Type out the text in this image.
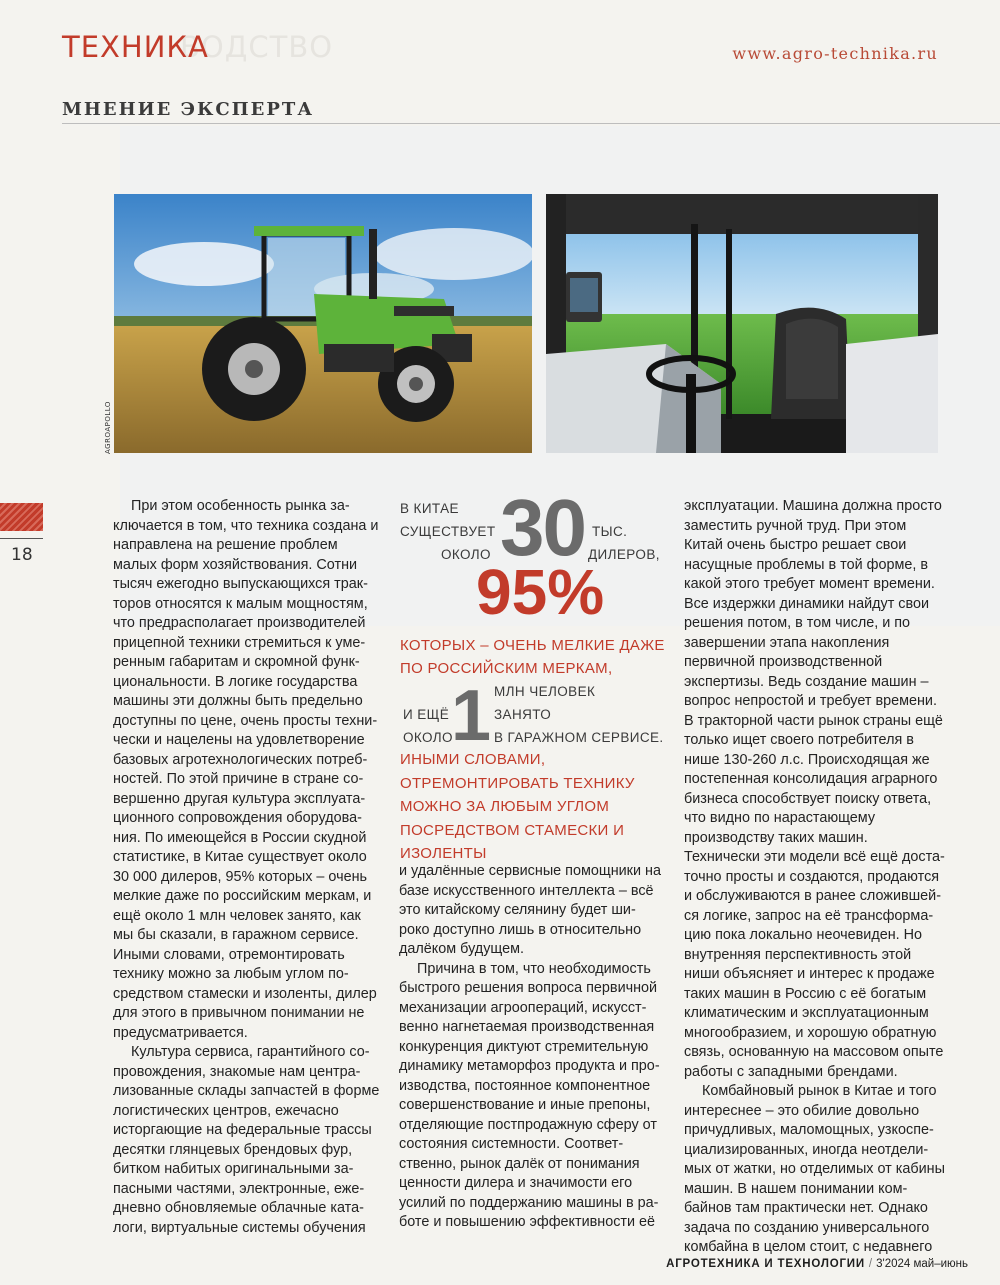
ВОДСТВО
ТЕХНИКА	www.agro-technika.ru
МНЕНИЕ ЭКСПЕРТА
AGROAPOLLO
18

При этом особенность рынка заключается в том, что техника создана и направлена на решение проблем малых форм хозяйствования. Сотни тысяч ежегодно выпускающихся тракторов относятся к малым мощностям, что предрасполагает производителей прицепной техники стремиться к умеренным габаритам и скромной функциональности. В логике государства машины эти должны быть предельно доступны по цене, очень просты технически и нацелены на удовлетворение базовых агротехнологических потребностей. По этой причине в стране совершенно другая культура эксплуатационного сопровождения оборудования. По имеющейся в России скудной статистике, в Китае существует около 30 000 дилеров, 95% которых – очень мелкие даже по российским меркам, и ещё около 1 млн человек занято, как мы бы сказали, в гаражном сервисе. Иными словами, отремонтировать технику можно за любым углом посредством стамески и изоленты, дилер для этого в привычном понимании не предусматривается.

Культура сервиса, гарантийного сопровождения, знакомые нам централизованные склады запчастей в форме логистических центров, ежечасно исторгающие на федеральные трассы десятки глянцевых брендовых фур, битком набитых оригинальными запасными частями, электронные, ежедневно обновляемые облачные каталоги, виртуальные системы обучения

В КИТАЕ
СУЩЕСТВУЕТ
ОКОЛО 30 ТЫС.
ДИЛЕРОВ,
95%
КОТОРЫХ – ОЧЕНЬ МЕЛКИЕ ДАЖЕ ПО РОССИЙСКИМ МЕРКАМ,
И ЕЩЁ
ОКОЛО
1 МЛН ЧЕЛОВЕК
ЗАНЯТО
В ГАРАЖНОМ СЕРВИСЕ.
ИНЫМИ СЛОВАМИ, ОТРЕМОНТИРОВАТЬ ТЕХНИКУ МОЖНО ЗА ЛЮБЫМ УГЛОМ ПОСРЕДСТВОМ СТАМЕСКИ И ИЗОЛЕНТЫ

и удалённые сервисные помощники на базе искусственного интеллекта – всё это китайскому селянину будет широко доступно лишь в относительно далёком будущем.

Причина в том, что необходимость быстрого решения вопроса первичной механизации агроопераций, искусственно нагнетаемая производственная конкуренция диктуют стремительную динамику метаморфоз продукта и производства, постоянное компонентное совершенствование и иные препоны, отделяющие постпродажную сферу от состояния системности. Соответственно, рынок далёк от понимания ценности дилера и значимости его усилий по поддержанию машины в работе и повышению эффективности её

эксплуатации. Машина должна просто заместить ручной труд. При этом Китай очень быстро решает свои насущные проблемы в той форме, в какой этого требует момент времени. Все издержки динамики найдут свои решения потом, в том числе, и по завершении этапа накопления первичной производственной экспертизы. Ведь создание машин – вопрос непростой и требует времени. В тракторной части рынок страны ещё только ищет своего потребителя в нише 130-260 л.с. Происходящая же постепенная консолидация аграрного бизнеса способствует поиску ответа, что видно по нарастающему производству таких машин. Технически эти модели всё ещё достаточно просты и создаются, продаются и обслуживаются в ранее сложившейся логике, запрос на её трансформацию пока локально неочевиден. Но внутренняя перспективность этой ниши объясняет и интерес к продаже таких машин в Россию с её богатым климатическим и эксплуатационным многообразием, и хорошую обратную связь, основанную на массовом опыте работы с западными брендами.

Комбайновый рынок в Китае и того интереснее – это обилие довольно причудливых, маломощных, узкоспециализированных, иногда неотделимых от жатки, но отделимых от кабины машин. В нашем понимании комбайнов там практически нет. Однако задача по созданию универсального комбайна в целом стоит, с недавнего

АГРОТЕХНИКА И ТЕХНОЛОГИИ / 3'2024 май–июнь
